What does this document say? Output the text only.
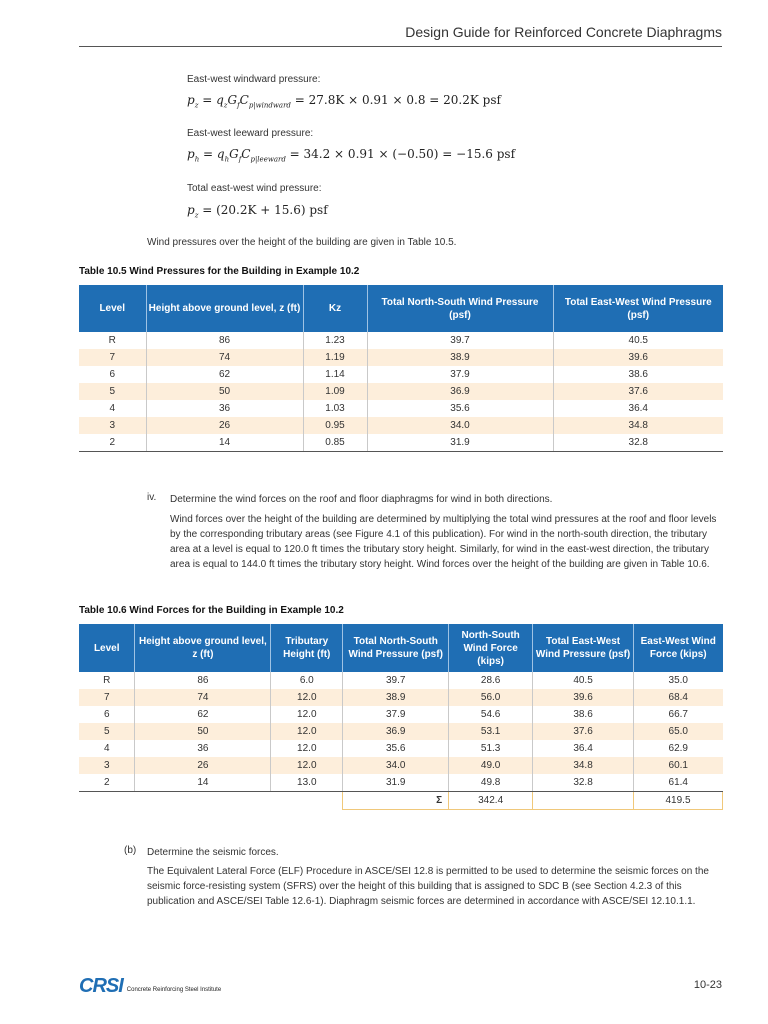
Design Guide for Reinforced Concrete Diaphragms
East-west windward pressure:
$p_z = q_zG_fC_{p|windward} = 27.8K \times 0.91 \times 0.8 = 20.2K$ psf
East-west leeward pressure:
$p_h = q_hG_fC_{p|leeward} = 34.2 \times 0.91 \times (-0.50) = -15.6$ psf
Total east-west wind pressure:
$p_z = (20.2K + 15.6)$ psf
Wind pressures over the height of the building are given in Table 10.5.
Table 10.5 Wind Pressures for the Building in Example 10.2
Level	Height above ground level, z (ft)	Kz	Total North-South Wind Pressure (psf)	Total East-West Wind Pressure (psf)
R	86	1.23	39.7	40.5
7	74	1.19	38.9	39.6
6	62	1.14	37.9	38.6
5	50	1.09	36.9	37.6
4	36	1.03	35.6	36.4
3	26	0.95	34.0	34.8
2	14	0.85	31.9	32.8
iv. Determine the wind forces on the roof and floor diaphragms for wind in both directions.
Wind forces over the height of the building are determined by multiplying the total wind pressures at the roof and floor levels by the corresponding tributary areas (see Figure 4.1 of this publication). For wind in the north-south direction, the tributary area at a level is equal to 120.0 ft times the tributary story height. Similarly, for wind in the east-west direction, the tributary area is equal to 144.0 ft times the tributary story height. Wind forces over the height of the building are given in Table 10.6.
Table 10.6 Wind Forces for the Building in Example 10.2
Level	Height above ground level, z (ft)	Tributary Height (ft)	Total North-South Wind Pressure (psf)	North-South Wind Force (kips)	Total East-West Wind Pressure (psf)	East-West Wind Force (kips)
R	86	6.0	39.7	28.6	40.5	35.0
7	74	12.0	38.9	56.0	39.6	68.4
6	62	12.0	37.9	54.6	38.6	66.7
5	50	12.0	36.9	53.1	37.6	65.0
4	36	12.0	35.6	51.3	36.4	62.9
3	26	12.0	34.0	49.0	34.8	60.1
2	14	13.0	31.9	49.8	32.8	61.4
			Σ	342.4		419.5
(b) Determine the seismic forces.
The Equivalent Lateral Force (ELF) Procedure in ASCE/SEI 12.8 is permitted to be used to determine the seismic forces on the seismic force-resisting system (SFRS) over the height of this building that is assigned to SDC B (see Section 4.2.3 of this publication and ASCE/SEI Table 12.6-1). Diaphragm seismic forces are determined in accordance with ASCE/SEI 12.10.1.1.
CRSI Concrete Reinforcing Steel Institute	10-23
